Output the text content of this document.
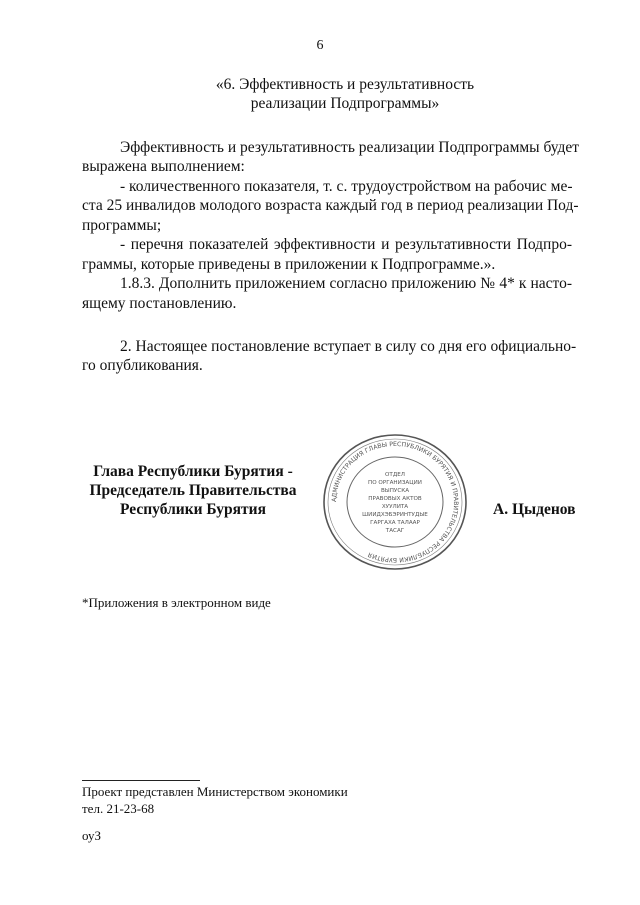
6
«6. Эффективность и результативность
реализации Подпрограммы»
Эффективность и результативность реализации Подпрограммы будет
выражена выполнением:
- количественного показателя, т. с. трудоустройством на рабочис ме-
ста 25 инвалидов молодого возраста каждый год в период реализации Под-
программы;
- перечня показателей эффективности и результативности Подпро-
граммы, которые приведены в приложении к Подпрограмме.».
1.8.3. Дополнить приложением согласно приложению № 4* к насто-
ящему постановлению.
2. Настоящее постановление вступает в силу со дня его официально-
го опубликования.
Глава Республики Бурятия -
Председатель Правительства
Республики Бурятия	А. Цыденов
АДМИНИСТРАЦИЯ ГЛАВЫ РЕСПУБЛИКИ БУРЯТИЯ И ПРАВИТЕЛЬСТВА РЕСПУБЛИКИ БУРЯТИЯ
ОТДЕЛ
ПО ОРГАНИЗАЦИИ
ВЫПУСКА
ПРАВОВЫХ АКТОВ
ХУУЛИТА
ШИИДХЭБЭРИНТУДЫЕ
ГАРГАХА ТАЛААР
ТАСАГ
*Приложения в электронном виде
Проект представлен Министерством экономики
тел. 21-23-68
оуЗ
